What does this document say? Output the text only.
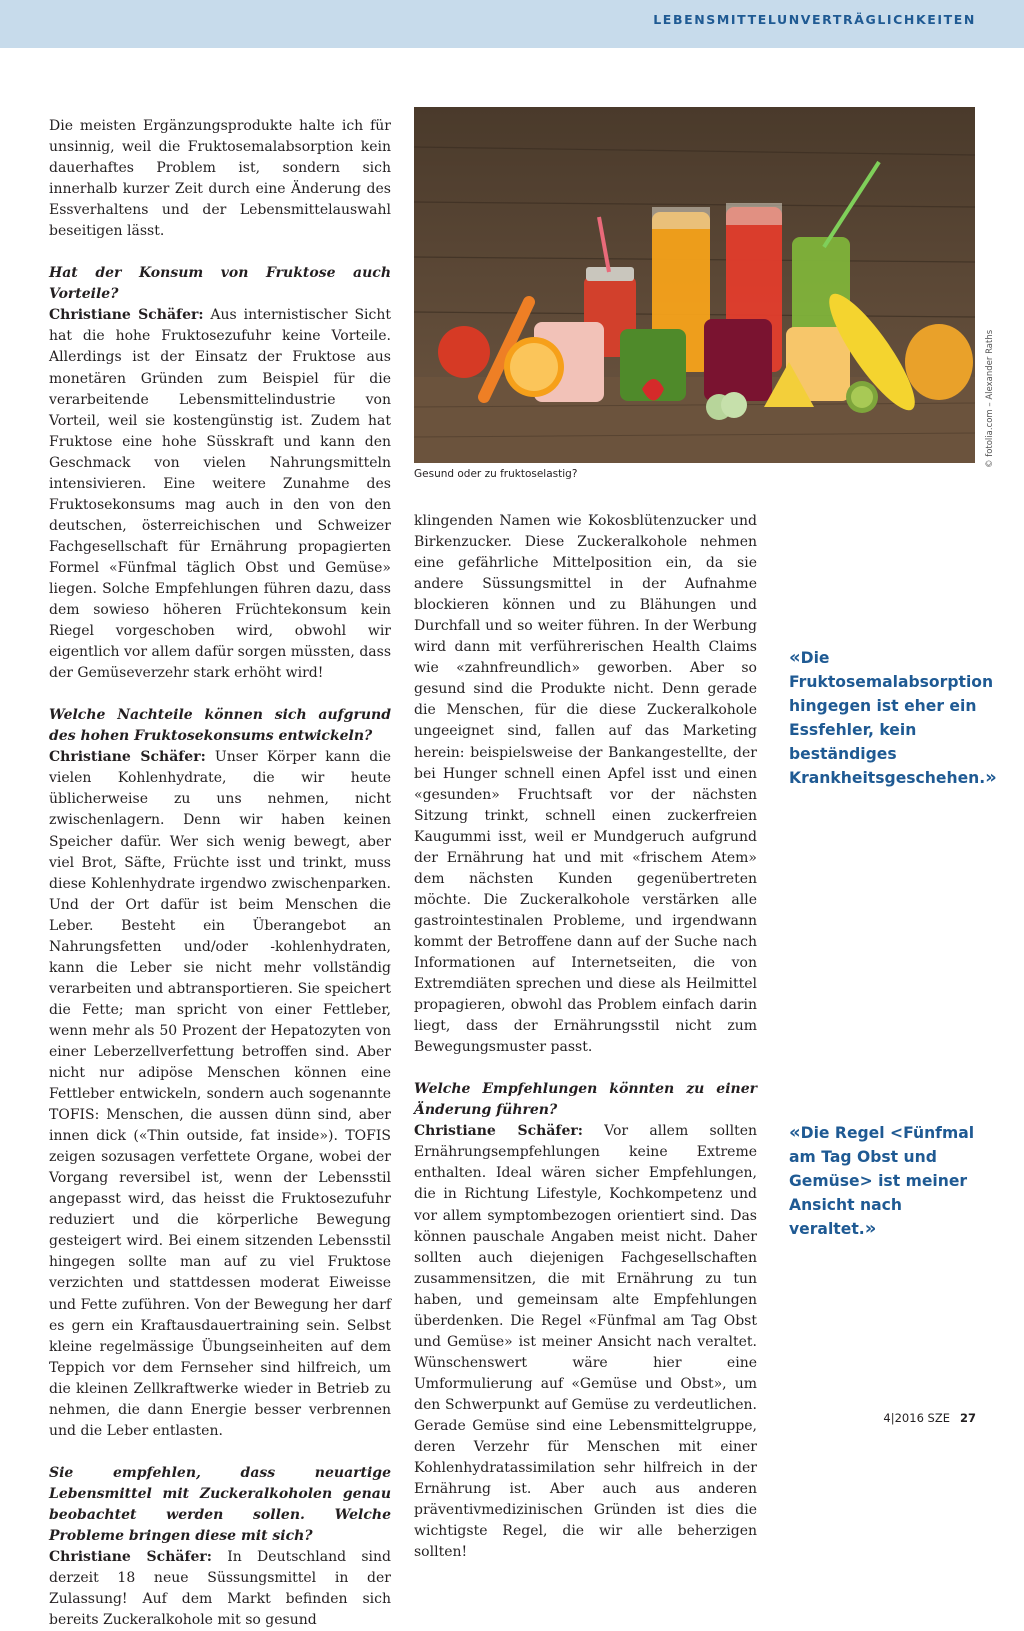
LEBENSMITTELUNVERTRÄGLICHKEITEN

Die meisten Ergänzungsprodukte halte ich für unsinnig, weil die Fruktosemalabsorption kein dauerhaftes Problem ist, sondern sich innerhalb kurzer Zeit durch eine Änderung des Essverhaltens und der Lebensmittelauswahl beseitigen lässt.

Hat der Konsum von Fruktose auch Vorteile?

Christiane Schäfer: Aus internistischer Sicht hat die hohe Fruktosezufuhr keine Vorteile. Allerdings ist der Einsatz der Fruktose aus monetären Gründen zum Beispiel für die verarbeitende Lebensmittelindustrie von Vorteil, weil sie kostengünstig ist. Zudem hat Fruktose eine hohe Süsskraft und kann den Geschmack von vielen Nahrungsmitteln intensivieren. Eine weitere Zunahme des Fruktosekonsums mag auch in den von den deutschen, österreichischen und Schweizer Fachgesellschaft für Ernährung propagierten Formel «Fünfmal täglich Obst und Gemüse» liegen. Solche Empfehlungen führen dazu, dass dem sowieso höheren Früchtekonsum kein Riegel vorgeschoben wird, obwohl wir eigentlich vor allem dafür sorgen müssten, dass der Gemüseverzehr stark erhöht wird!

Welche Nachteile können sich aufgrund des hohen Fruktosekonsums entwickeln?

Christiane Schäfer: Unser Körper kann die vielen Kohlenhydrate, die wir heute üblicherweise zu uns nehmen, nicht zwischenlagern. Denn wir haben keinen Speicher dafür. Wer sich wenig bewegt, aber viel Brot, Säfte, Früchte isst und trinkt, muss diese Kohlenhydrate irgendwo zwischenparken. Und der Ort dafür ist beim Menschen die Leber. Besteht ein Überangebot an Nahrungsfetten und/oder -kohlenhydraten, kann die Leber sie nicht mehr vollständig verarbeiten und abtransportieren. Sie speichert die Fette; man spricht von einer Fettleber, wenn mehr als 50 Prozent der Hepatozyten von einer Leberzellverfettung betroffen sind. Aber nicht nur adipöse Menschen können eine Fettleber entwickeln, sondern auch sogenannte TOFIS: Menschen, die aussen dünn sind, aber innen dick («Thin outside, fat inside»). TOFIS zeigen sozusagen verfettete Organe, wobei der Vorgang reversibel ist, wenn der Lebensstil angepasst wird, das heisst die Fruktosezufuhr reduziert und die körperliche Bewegung gesteigert wird. Bei einem sitzenden Lebensstil hingegen sollte man auf zu viel Fruktose verzichten und stattdessen moderat Eiweisse und Fette zuführen. Von der Bewegung her darf es gern ein Kraftausdauertraining sein. Selbst kleine regelmässige Übungseinheiten auf dem Teppich vor dem Fernseher sind hilfreich, um die kleinen Zellkraftwerke wieder in Betrieb zu nehmen, die dann Energie besser verbrennen und die Leber entlasten.

Sie empfehlen, dass neuartige Lebensmittel mit Zuckeralkoholen genau beobachtet werden sollen. Welche Probleme bringen diese mit sich?

Christiane Schäfer: In Deutschland sind derzeit 18 neue Süssungsmittel in der Zulassung! Auf dem Markt befinden sich bereits Zuckeralkohole mit so gesund

Gesund oder zu fruktoselastig?
© fotolia.com – Alexander Raths

klingenden Namen wie Kokosblütenzucker und Birkenzucker. Diese Zuckeralkohole nehmen eine gefährliche Mittelposition ein, da sie andere Süssungsmittel in der Aufnahme blockieren können und zu Blähungen und Durchfall und so weiter führen. In der Werbung wird dann mit verführerischen Health Claims wie «zahnfreundlich» geworben. Aber so gesund sind die Produkte nicht. Denn gerade die Menschen, für die diese Zuckeralkohole ungeeignet sind, fallen auf das Marketing herein: beispielsweise der Bankangestellte, der bei Hunger schnell einen Apfel isst und einen «gesunden» Fruchtsaft vor der nächsten Sitzung trinkt, schnell einen zuckerfreien Kaugummi isst, weil er Mundgeruch aufgrund der Ernährung hat und mit «frischem Atem» dem nächsten Kunden gegenübertreten möchte. Die Zuckeralkohole verstärken alle gastrointestinalen Probleme, und irgendwann kommt der Betroffene dann auf der Suche nach Informationen auf Internetseiten, die von Extremdiäten sprechen und diese als Heilmittel propagieren, obwohl das Problem einfach darin liegt, dass der Ernährungsstil nicht zum Bewegungsmuster passt.

Welche Empfehlungen könnten zu einer Änderung führen?

Christiane Schäfer: Vor allem sollten Ernährungsempfehlungen keine Extreme enthalten. Ideal wären sicher Empfehlungen, die in Richtung Lifestyle, Kochkompetenz und vor allem symptombezogen orientiert sind. Das können pauschale Angaben meist nicht. Daher sollten auch diejenigen Fachgesellschaften zusammensitzen, die mit Ernährung zu tun haben, und gemeinsam alte Empfehlungen überdenken. Die Regel «Fünfmal am Tag Obst und Gemüse» ist meiner Ansicht nach veraltet. Wünschenswert wäre hier eine Umformulierung auf «Gemüse und Obst», um den Schwerpunkt auf Gemüse zu verdeutlichen. Gerade Gemüse sind eine Lebensmittelgruppe, deren Verzehr für Menschen mit einer Kohlenhydratassimilation sehr hilfreich in der Ernährung ist. Aber auch aus anderen präventivmedizinischen Gründen ist dies die wichtigste Regel, die wir alle beherzigen sollten!

«Die Fruktosemalabsorption hingegen ist eher ein Essfehler, kein beständiges Krankheitsgeschehen.»
«Die Regel <Fünfmal am Tag Obst und Gemüse> ist meiner Ansicht nach veraltet.»
4|2016 SZE 27
